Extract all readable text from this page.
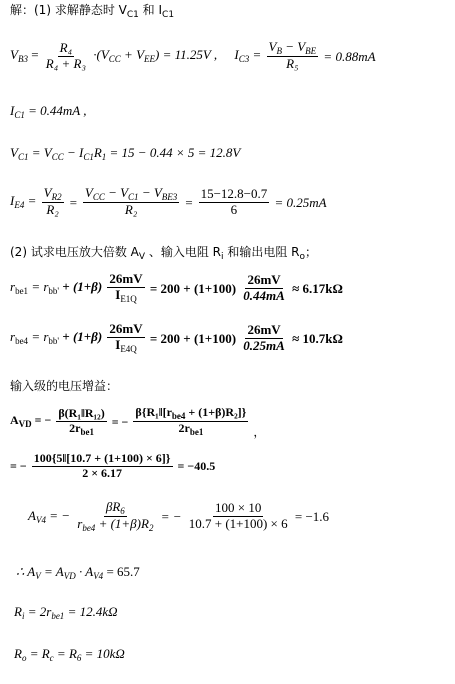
解：(1) 求解静态时 $V_{C1}$ 和 $I_{C1}$
$V_{B3} = \frac{\text{R₄}}{\text{R₄ + R₃}} \cdot(V_{CC} + V_{EE}) = 11.25V$ , $I_{C3} = \frac{V_B - V_{BE}}{\text{R₅}} = 0.88mA$
$I_{C1} = 0.44mA$ ,
$V_{C1} = V_{CC} - I_{C1}R_1 = 15 - 0.44 \times 5 = 12.8V$
$I_{E4} = \frac{V_{R2}}{\text{R₂}} = \frac{V_{CC} - V_{C1} - V_{BE3}}{\text{R₂}} = \frac{15-12.8-0.7}{6} = 0.25mA$
(2) 试求电压放大倍数 $A_V$ 、输入电阻 $R_i$ 和输出电阻 $R_o$；
$r_{be1} = r_{bb'} + (1+\beta) \frac{26mV}{I_{E1Q}} = 200 + (1+100) \frac{26mV}{0.44mA} \approx 6.17k\Omega$
$r_{be4} = r_{bb'} + (1+\beta) \frac{26mV}{I_{E4Q}} = 200 + (1+100) \frac{26mV}{0.25mA} \approx 10.7k\Omega$
输入级的电压增益：
$A_{VD}$ = − $\frac{\text{β(R₁‖R₁₂)}}{2r_{be1}}$ = − $\frac{\beta\{R_1‖[r_{be4} + (1+\beta)R_2]\}}{2r_{be1}}$ ，
= − $\frac{100\{5‖[10.7 + (1+100) \times 6]\}}{2 \times 6.17} = -40.5$
$A_{V4}$ = − $\frac{\beta R_6}{r_{be4} + (1+\beta)R_2}$ = − $\frac{100 \times 10}{10.7 + (1+100) \times 6} = -1.6$
∴ $A_V = A_{VD} \cdot A_{V4} = 65.7$
$R_i = 2r_{be1} = 12.4k\Omega$
$R_o = R_c = R_6 = 10k\Omega$
